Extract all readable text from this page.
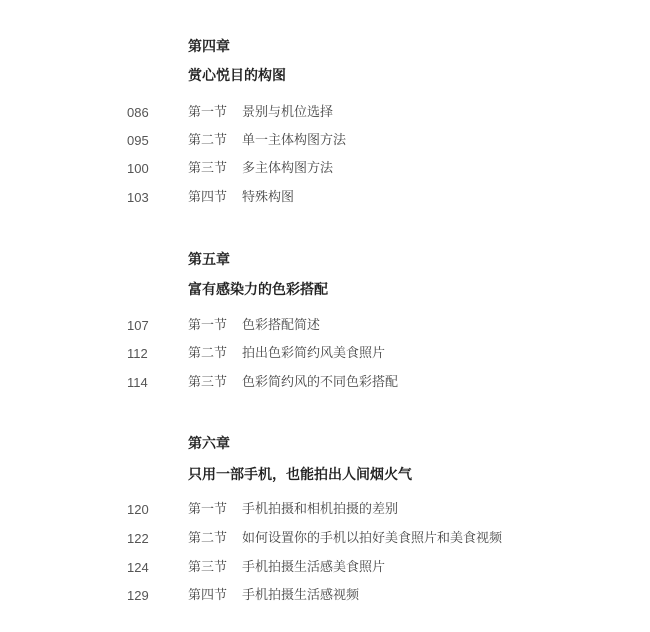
第四章
赏心悦目的构图
086	第一节 景别与机位选择
095	第二节 单一主体构图方法
100	第三节 多主体构图方法
103	第四节 特殊构图
第五章
富有感染力的色彩搭配
107	第一节 色彩搭配简述
112	第二节 拍出色彩简约风美食照片
114	第三节 色彩简约风的不同色彩搭配
第六章
只用一部手机，也能拍出人间烟火气
120	第一节 手机拍摄和相机拍摄的差别
122	第二节 如何设置你的手机以拍好美食照片和美食视频
124	第三节 手机拍摄生活感美食照片
129	第四节 手机拍摄生活感视频
